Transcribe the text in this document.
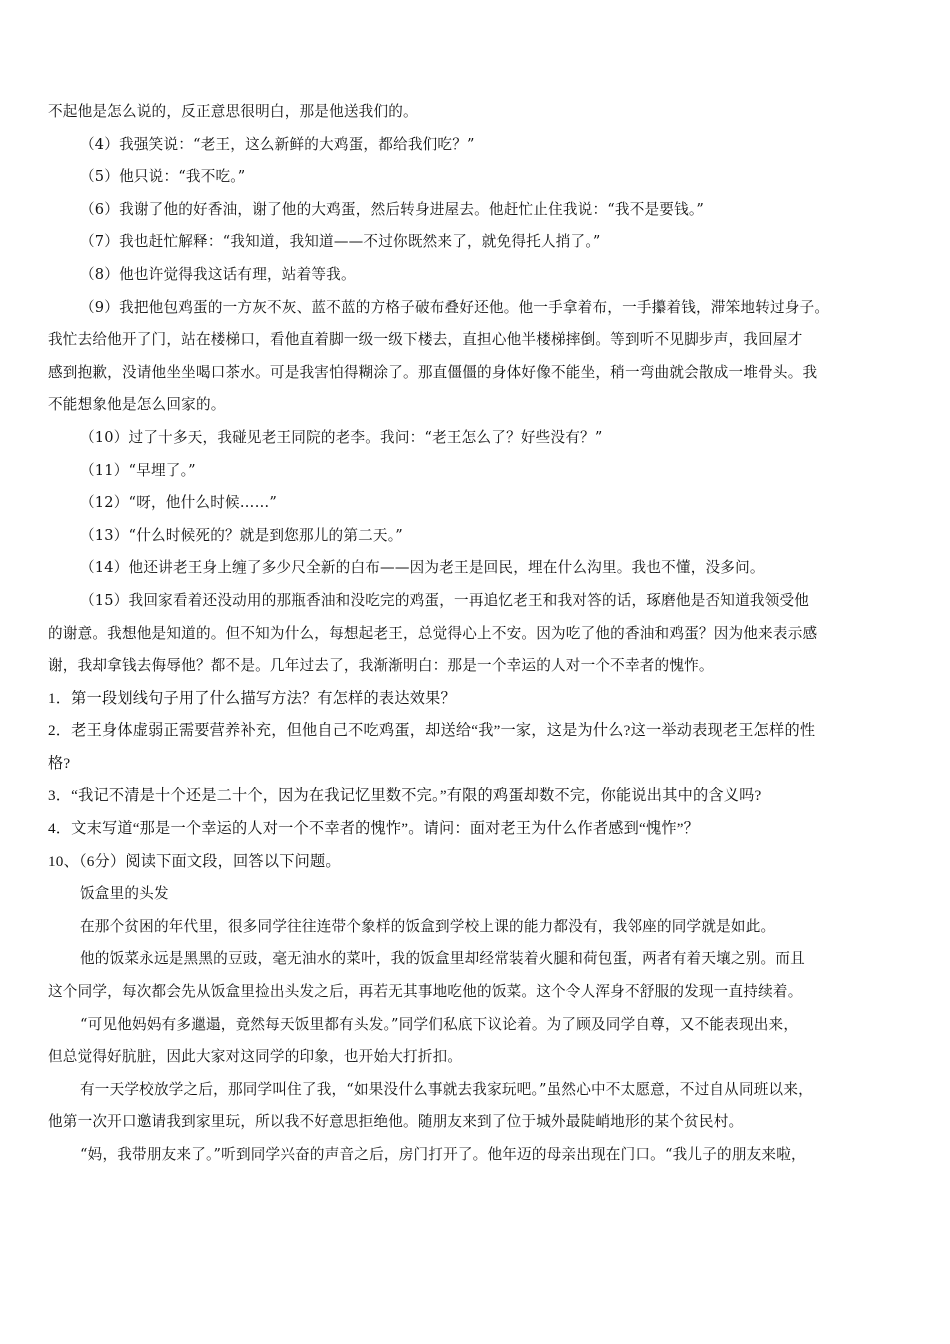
不起他是怎么说的，反正意思很明白，那是他送我们的。

（4）我强笑说：“老王，这么新鲜的大鸡蛋，都给我们吃？”

（5）他只说：“我不吃。”

（6）我谢了他的好香油，谢了他的大鸡蛋，然后转身进屋去。他赶忙止住我说：“我不是要钱。”

（7）我也赶忙解释：“我知道，我知道——不过你既然来了，就免得托人捎了。”

（8）他也许觉得我这话有理，站着等我。

（9）我把他包鸡蛋的一方灰不灰、蓝不蓝的方格子破布叠好还他。他一手拿着布，一手攥着钱，滞笨地转过身子。

我忙去给他开了门，站在楼梯口，看他直着脚一级一级下楼去，直担心他半楼梯摔倒。等到听不见脚步声，我回屋才

感到抱歉，没请他坐坐喝口茶水。可是我害怕得糊涂了。那直僵僵的身体好像不能坐，稍一弯曲就会散成一堆骨头。我

不能想象他是怎么回家的。

（10）过了十多天，我碰见老王同院的老李。我问：“老王怎么了？好些没有？”

（11）“早埋了。”

（12）“呀，他什么时候……”

（13）“什么时候死的？就是到您那儿的第二天。”

（14）他还讲老王身上缠了多少尺全新的白布——因为老王是回民，埋在什么沟里。我也不懂，没多问。

（15）我回家看着还没动用的那瓶香油和没吃完的鸡蛋，一再追忆老王和我对答的话，琢磨他是否知道我领受他

的谢意。我想他是知道的。但不知为什么，每想起老王，总觉得心上不安。因为吃了他的香油和鸡蛋？因为他来表示感

谢，我却拿钱去侮辱他？都不是。几年过去了，我渐渐明白：那是一个幸运的人对一个不幸者的愧怍。

1．第一段划线句子用了什么描写方法？有怎样的表达效果？

2．老王身体虚弱正需要营养补充，但他自己不吃鸡蛋，却送给“我”一家，这是为什么?这一举动表现老王怎样的性

格?

3．“我记不清是十个还是二十个，因为在我记忆里数不完。”有限的鸡蛋却数不完，你能说出其中的含义吗?

4．文末写道“那是一个幸运的人对一个不幸者的愧怍”。请问：面对老王为什么作者感到“愧怍”？

10、（6分）阅读下面文段，回答以下问题。

饭盒里的头发

在那个贫困的年代里，很多同学往往连带个象样的饭盒到学校上课的能力都没有，我邻座的同学就是如此。

他的饭菜永远是黑黑的豆豉，毫无油水的菜叶，我的饭盒里却经常装着火腿和荷包蛋，两者有着天壤之别。而且

这个同学，每次都会先从饭盒里捡出头发之后，再若无其事地吃他的饭菜。这个令人浑身不舒服的发现一直持续着。

“可见他妈妈有多邋遢，竟然每天饭里都有头发。”同学们私底下议论着。为了顾及同学自尊，又不能表现出来，

但总觉得好肮脏，因此大家对这同学的印象，也开始大打折扣。

有一天学校放学之后，那同学叫住了我，“如果没什么事就去我家玩吧。”虽然心中不太愿意，不过自从同班以来，

他第一次开口邀请我到家里玩，所以我不好意思拒绝他。随朋友来到了位于城外最陡峭地形的某个贫民村。

“妈，我带朋友来了。”听到同学兴奋的声音之后，房门打开了。他年迈的母亲出现在门口。“我儿子的朋友来啦，
